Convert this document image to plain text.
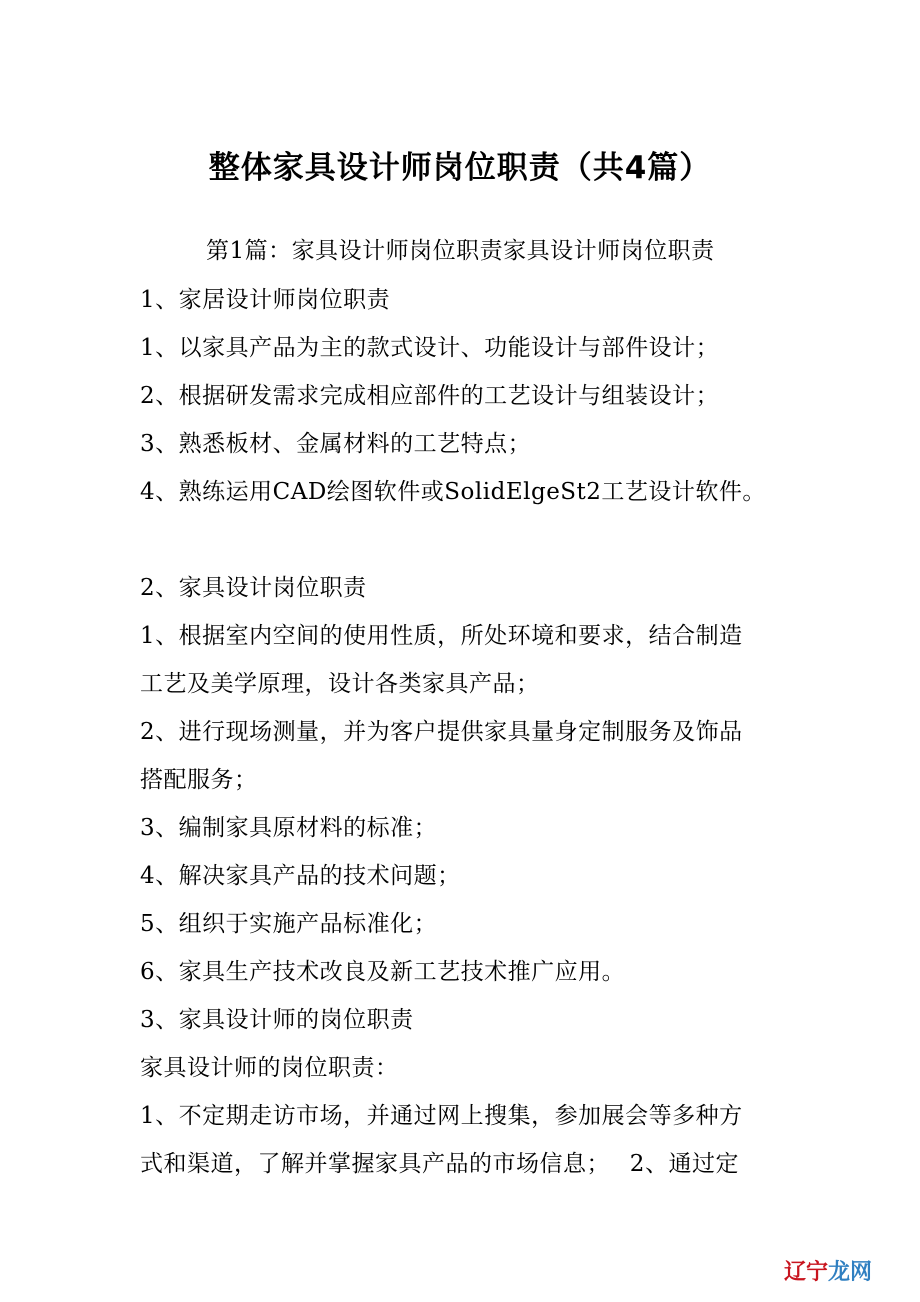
整体家具设计师岗位职责（共4篇）
第1篇：家具设计师岗位职责家具设计师岗位职责
1、家居设计师岗位职责
1、以家具产品为主的款式设计、功能设计与部件设计；
2、根据研发需求完成相应部件的工艺设计与组装设计；
3、熟悉板材、金属材料的工艺特点；
4、熟练运用CAD绘图软件或SolidElgeSt2工艺设计软件。
2、家具设计岗位职责
1、根据室内空间的使用性质，所处环境和要求，结合制造
工艺及美学原理，设计各类家具产品；
2、进行现场测量，并为客户提供家具量身定制服务及饰品
搭配服务；
3、编制家具原材料的标准；
4、解决家具产品的技术问题；
5、组织于实施产品标准化；
6、家具生产技术改良及新工艺技术推广应用。
3、家具设计师的岗位职责
家具设计师的岗位职责：
1、不定期走访市场，并通过网上搜集，参加展会等多种方
式和渠道，了解并掌握家具产品的市场信息；　 2、通过定
辽宁 龙网
